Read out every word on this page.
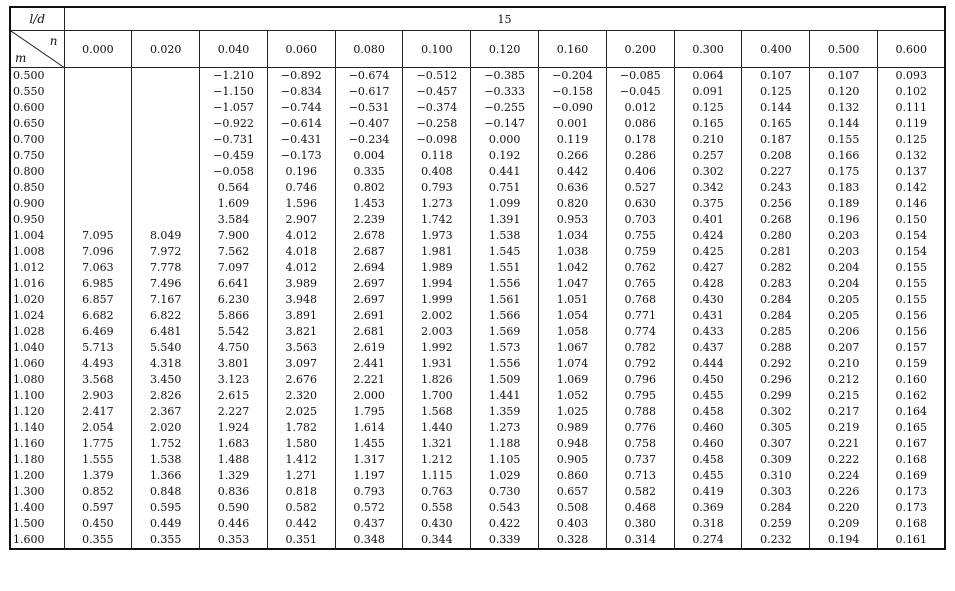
l/d	15												

n
m	0.000	0.020	0.040	0.060	0.080	0.100	0.120	0.160	0.200	0.300	0.400	0.500	0.600
0.500			−1.210	−0.892	−0.674	−0.512	−0.385	−0.204	−0.085	0.064	0.107	0.107	0.093
0.550			−1.150	−0.834	−0.617	−0.457	−0.333	−0.158	−0.045	0.091	0.125	0.120	0.102
0.600			−1.057	−0.744	−0.531	−0.374	−0.255	−0.090	0.012	0.125	0.144	0.132	0.111
0.650			−0.922	−0.614	−0.407	−0.258	−0.147	0.001	0.086	0.165	0.165	0.144	0.119
0.700			−0.731	−0.431	−0.234	−0.098	0.000	0.119	0.178	0.210	0.187	0.155	0.125
0.750			−0.459	−0.173	0.004	0.118	0.192	0.266	0.286	0.257	0.208	0.166	0.132
0.800			−0.058	0.196	0.335	0.408	0.441	0.442	0.406	0.302	0.227	0.175	0.137
0.850			0.564	0.746	0.802	0.793	0.751	0.636	0.527	0.342	0.243	0.183	0.142
0.900			1.609	1.596	1.453	1.273	1.099	0.820	0.630	0.375	0.256	0.189	0.146
0.950			3.584	2.907	2.239	1.742	1.391	0.953	0.703	0.401	0.268	0.196	0.150
1.004	7.095	8.049	7.900	4.012	2.678	1.973	1.538	1.034	0.755	0.424	0.280	0.203	0.154
1.008	7.096	7.972	7.562	4.018	2.687	1.981	1.545	1.038	0.759	0.425	0.281	0.203	0.154
1.012	7.063	7.778	7.097	4.012	2.694	1.989	1.551	1.042	0.762	0.427	0.282	0.204	0.155
1.016	6.985	7.496	6.641	3.989	2.697	1.994	1.556	1.047	0.765	0.428	0.283	0.204	0.155
1.020	6.857	7.167	6.230	3.948	2.697	1.999	1.561	1.051	0.768	0.430	0.284	0.205	0.155
1.024	6.682	6.822	5.866	3.891	2.691	2.002	1.566	1.054	0.771	0.431	0.284	0.205	0.156
1.028	6.469	6.481	5.542	3.821	2.681	2.003	1.569	1.058	0.774	0.433	0.285	0.206	0.156
1.040	5.713	5.540	4.750	3.563	2.619	1.992	1.573	1.067	0.782	0.437	0.288	0.207	0.157
1.060	4.493	4.318	3.801	3.097	2.441	1.931	1.556	1.074	0.792	0.444	0.292	0.210	0.159
1.080	3.568	3.450	3.123	2.676	2.221	1.826	1.509	1.069	0.796	0.450	0.296	0.212	0.160
1.100	2.903	2.826	2.615	2.320	2.000	1.700	1.441	1.052	0.795	0.455	0.299	0.215	0.162
1.120	2.417	2.367	2.227	2.025	1.795	1.568	1.359	1.025	0.788	0.458	0.302	0.217	0.164
1.140	2.054	2.020	1.924	1.782	1.614	1.440	1.273	0.989	0.776	0.460	0.305	0.219	0.165
1.160	1.775	1.752	1.683	1.580	1.455	1.321	1.188	0.948	0.758	0.460	0.307	0.221	0.167
1.180	1.555	1.538	1.488	1.412	1.317	1.212	1.105	0.905	0.737	0.458	0.309	0.222	0.168
1.200	1.379	1.366	1.329	1.271	1.197	1.115	1.029	0.860	0.713	0.455	0.310	0.224	0.169
1.300	0.852	0.848	0.836	0.818	0.793	0.763	0.730	0.657	0.582	0.419	0.303	0.226	0.173
1.400	0.597	0.595	0.590	0.582	0.572	0.558	0.543	0.508	0.468	0.369	0.284	0.220	0.173
1.500	0.450	0.449	0.446	0.442	0.437	0.430	0.422	0.403	0.380	0.318	0.259	0.209	0.168
1.600	0.355	0.355	0.353	0.351	0.348	0.344	0.339	0.328	0.314	0.274	0.232	0.194	0.161
